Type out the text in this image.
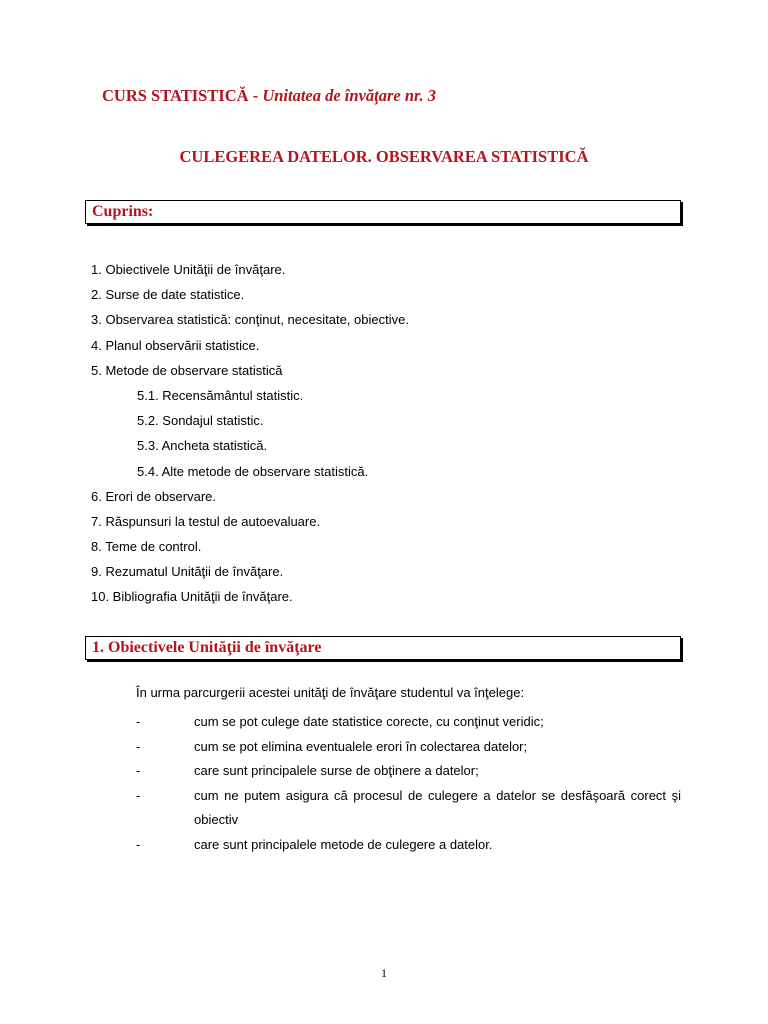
CURS STATISTICĂ - Unitatea de învăţare nr. 3
CULEGEREA DATELOR. OBSERVAREA STATISTICĂ
Cuprins:
1. Obiectivele Unităţii de învăţare.
2. Surse de date statistice.
3. Observarea statistică: conţinut, necesitate, obiective.
4. Planul observării statistice.
5. Metode de observare statistică
5.1. Recensământul statistic.
5.2. Sondajul statistic.
5.3. Ancheta statistică.
5.4. Alte metode de observare statistică.
6. Erori de observare.
7. Răspunsuri la testul de autoevaluare.
8. Teme de control.
9. Rezumatul Unităţii de învăţare.
10. Bibliografia Unităţii de învăţare.
1. Obiectivele Unităţii de învăţare
În urma parcurgerii acestei unităţi de învăţare studentul va înţelege:
-	cum se pot culege date statistice corecte, cu conţinut veridic;
-	cum se pot elimina eventualele erori în colectarea datelor;
-	care sunt principalele surse de obţinere a datelor;
-	cum ne putem asigura că procesul de culegere a datelor se desfăşoară corect şi obiectiv
-	care sunt principalele metode de culegere a datelor.
1
